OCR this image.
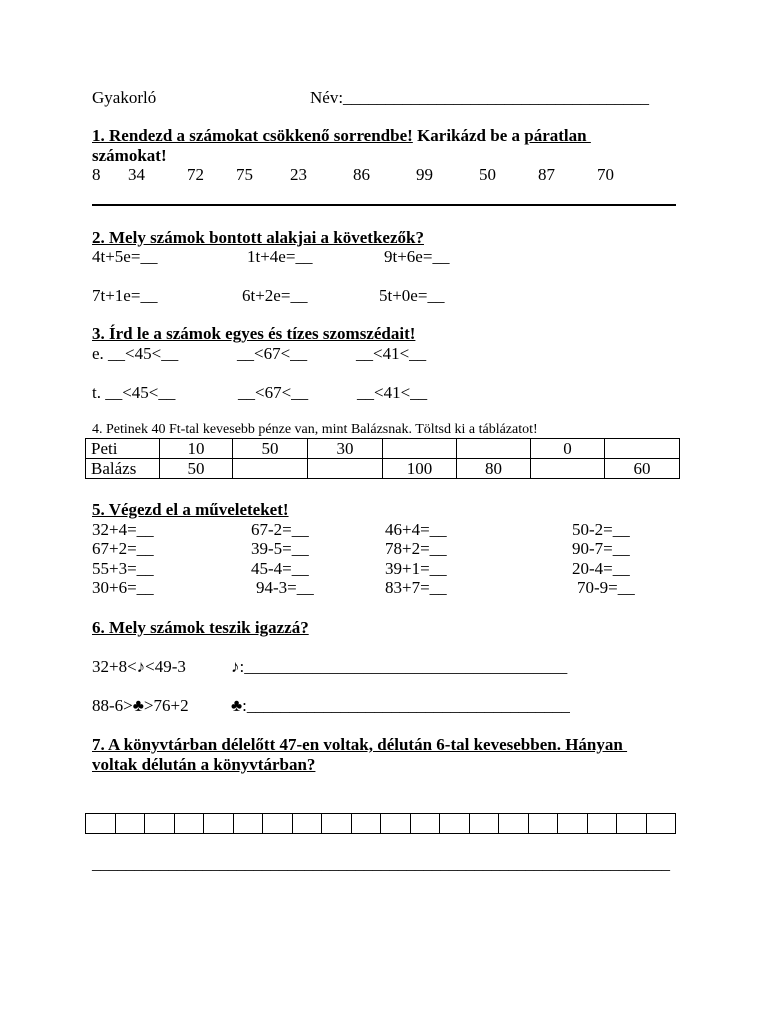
Gyakorló	Név:____________________________________
1. Rendezd a számokat csökkenő sorrendbe! Karikázd be a páratlan
számokat!
8 34 72 75 23	86	99	50 87 70
2. Mely számok bontott alakjai a következők?
4t+5e=__	1t+4e=__	9t+6e=__
7t+1e=__	6t+2e=__	5t+0e=__
3. Írd le a számok egyes és tízes szomszédait!
e. __<45<__	__<67<__	__<41<__
t. __<45<__	__<67<__	__<41<__
4. Petinek 40 Ft-tal kevesebb pénze van, mint Balázsnak. Töltsd ki a táblázatot!
Peti	10	50	30			0	
Balázs	50			100	80		60
5. Végezd el a műveleteket!
32+4=__	67-2=__	46+4=__	50-2=__
67+2=__	39-5=__	78+2=__	90-7=__
55+3=__	45-4=__	39+1=__	20-4=__
30+6=__	94-3=__	83+7=__	70-9=__
6. Mely számok teszik igazzá?
32+8<♪<49-3	♪:______________________________________
88-6>♣>76+2 ♣:______________________________________
7. A könyvtárban délelőtt 47-en voltak, délután 6-tal kevesebben. Hányan
voltak délután a könyvtárban?

____________________________________________________________________
